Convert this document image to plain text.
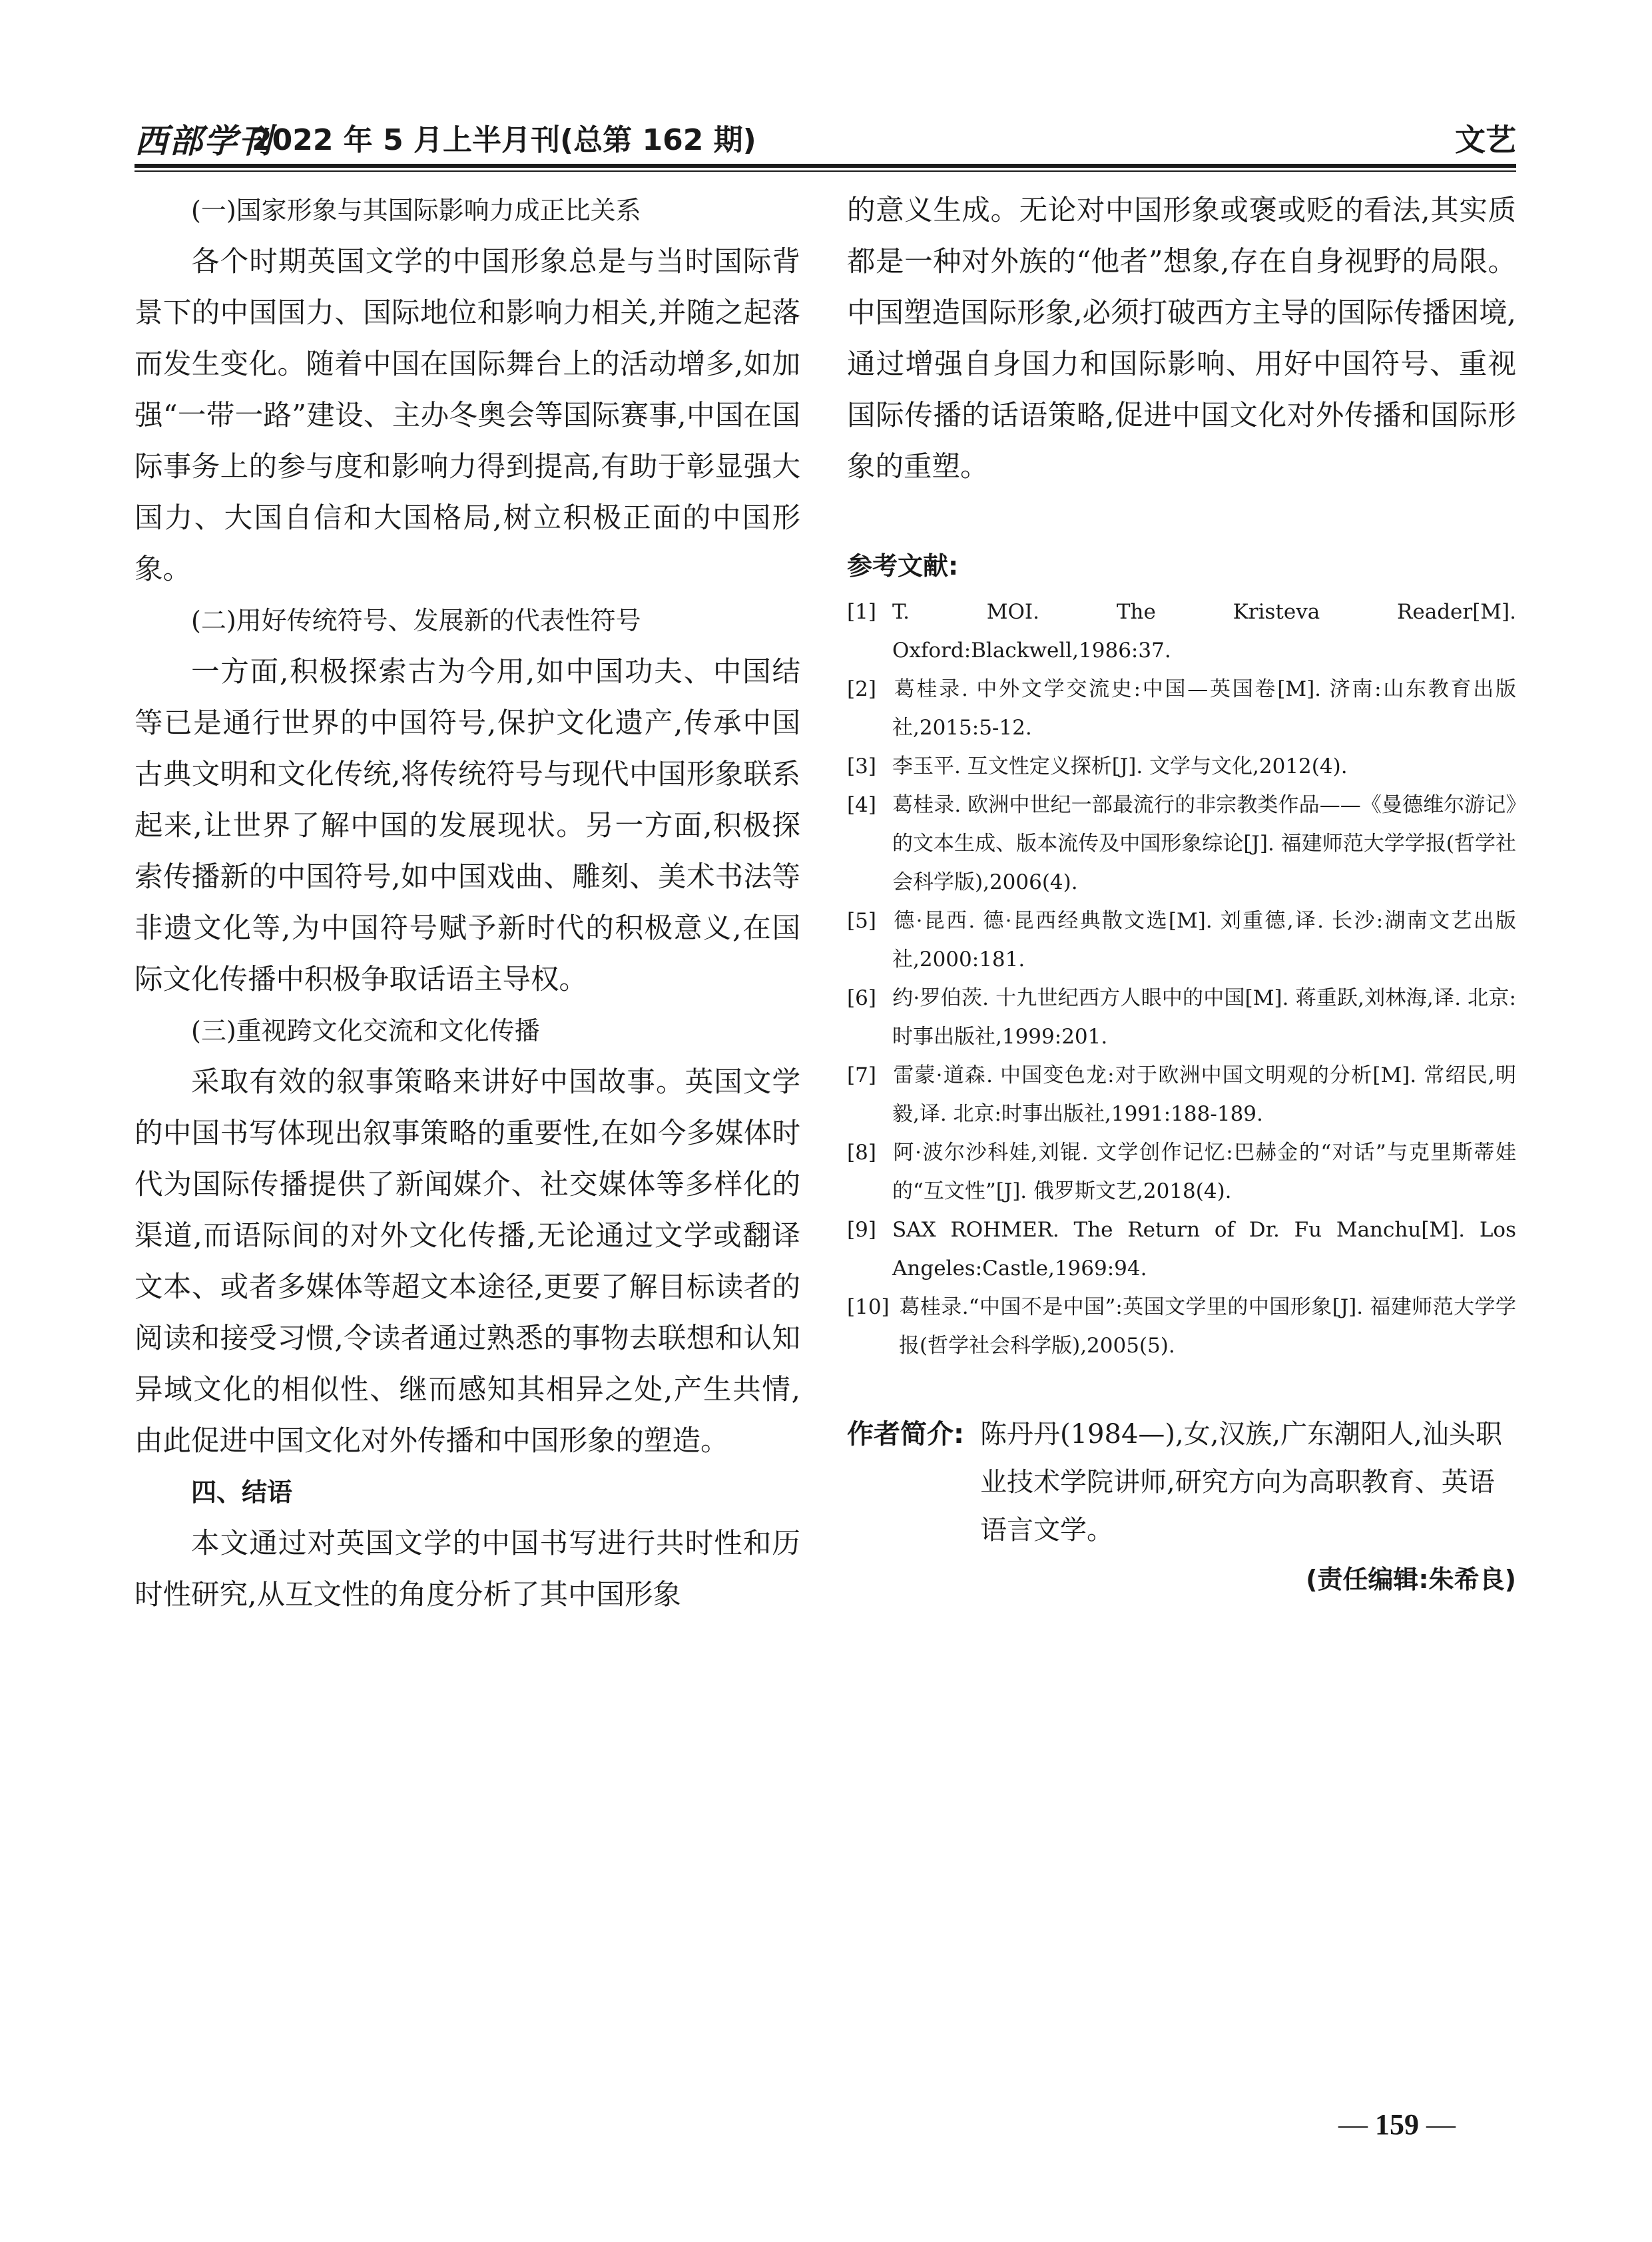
西部学刊
2022 年 5 月上半月刊(总第 162 期)	文艺

(一)国家形象与其国际影响力成正比关系

各个时期英国文学的中国形象总是与当时国际背景下的中国国力、国际地位和影响力相关,并随之起落而发生变化。随着中国在国际舞台上的活动增多,如加强“一带一路”建设、主办冬奥会等国际赛事,中国在国际事务上的参与度和影响力得到提高,有助于彰显强大国力、大国自信和大国格局,树立积极正面的中国形象。

(二)用好传统符号、发展新的代表性符号

一方面,积极探索古为今用,如中国功夫、中国结等已是通行世界的中国符号,保护文化遗产,传承中国古典文明和文化传统,将传统符号与现代中国形象联系起来,让世界了解中国的发展现状。另一方面,积极探索传播新的中国符号,如中国戏曲、雕刻、美术书法等非遗文化等,为中国符号赋予新时代的积极意义,在国际文化传播中积极争取话语主导权。

(三)重视跨文化交流和文化传播

采取有效的叙事策略来讲好中国故事。英国文学的中国书写体现出叙事策略的重要性,在如今多媒体时代为国际传播提供了新闻媒介、社交媒体等多样化的渠道,而语际间的对外文化传播,无论通过文学或翻译文本、或者多媒体等超文本途径,更要了解目标读者的阅读和接受习惯,令读者通过熟悉的事物去联想和认知异域文化的相似性、继而感知其相异之处,产生共情,由此促进中国文化对外传播和中国形象的塑造。

四、结语

本文通过对英国文学的中国书写进行共时性和历时性研究,从互文性的角度分析了其中国形象

的意义生成。无论对中国形象或褒或贬的看法,其实质都是一种对外族的“他者”想象,存在自身视野的局限。中国塑造国际形象,必须打破西方主导的国际传播困境,通过增强自身国力和国际影响、用好中国符号、重视国际传播的话语策略,促进中国文化对外传播和国际形象的重塑。

参考文献:

[1] T. MOI. The Kristeva Reader[M]. Oxford:Blackwell,1986:37.
[2] 葛桂录. 中外文学交流史:中国—英国卷[M]. 济南:山东教育出版社,2015:5-12.
[3] 李玉平. 互文性定义探析[J]. 文学与文化,2012(4).
[4] 葛桂录. 欧洲中世纪一部最流行的非宗教类作品——《曼德维尔游记》的文本生成、版本流传及中国形象综论[J]. 福建师范大学学报(哲学社会科学版),2006(4).
[5] 德·昆西. 德·昆西经典散文选[M]. 刘重德,译. 长沙:湖南文艺出版社,2000:181.
[6] 约·罗伯茨. 十九世纪西方人眼中的中国[M]. 蒋重跃,刘林海,译. 北京:时事出版社,1999:201.
[7] 雷蒙·道森. 中国变色龙:对于欧洲中国文明观的分析[M]. 常绍民,明毅,译. 北京:时事出版社,1991:188-189.
[8] 阿·波尔沙科娃,刘锟. 文学创作记忆:巴赫金的“对话”与克里斯蒂娃的“互文性”[J]. 俄罗斯文艺,2018(4).
[9] SAX ROHMER. The Return of Dr. Fu Manchu[M]. Los Angeles:Castle,1969:94.
[10] 葛桂录.“中国不是中国”:英国文学里的中国形象[J]. 福建师范大学学报(哲学社会科学版),2005(5).
作者简介: 陈丹丹(1984—),女,汉族,广东潮阳人,汕头职业技术学院讲师,研究方向为高职教育、英语语言文学。

(责任编辑:朱希良)

— 159 —
